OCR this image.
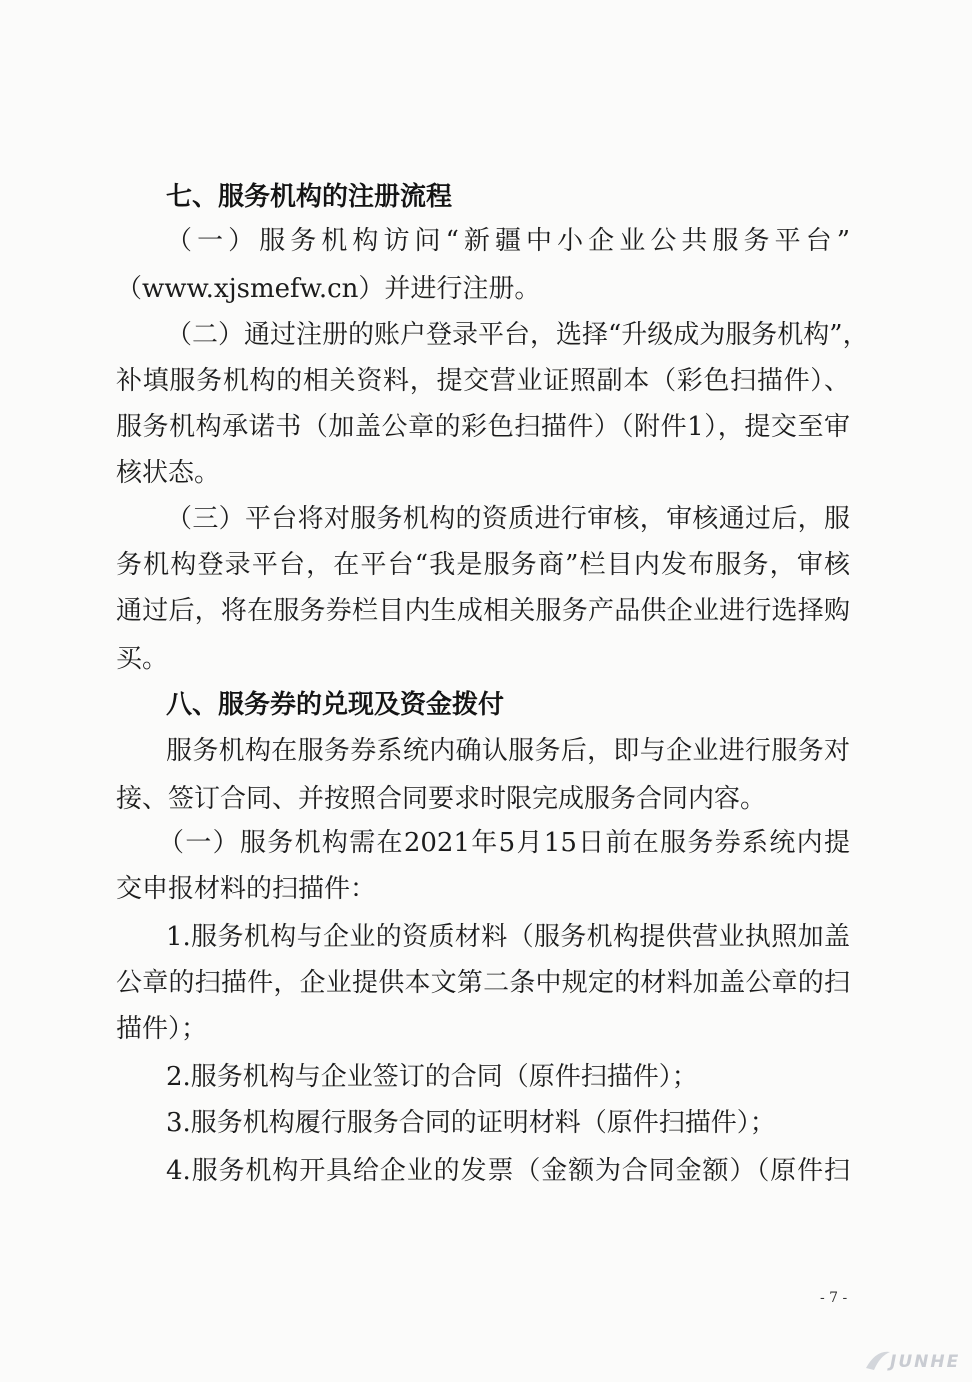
七、服务机构的注册流程
（一）服务机构访问“新疆中小企业公共服务平台”
（www.xjsmefw.cn）并进行注册。
（二）通过注册的账户登录平台，选择“升级成为服务机构”，
补填服务机构的相关资料，提交营业证照副本（彩色扫描件）、
服务机构承诺书（加盖公章的彩色扫描件）（附件1），提交至审
核状态。
（三）平台将对服务机构的资质进行审核，审核通过后，服
务机构登录平台，在平台“我是服务商”栏目内发布服务，审核
通过后，将在服务券栏目内生成相关服务产品供企业进行选择购
买。
八、服务券的兑现及资金拨付
服务机构在服务券系统内确认服务后，即与企业进行服务对
接、签订合同、并按照合同要求时限完成服务合同内容。
（一）服务机构需在2021年5月15日前在服务券系统内提
交申报材料的扫描件：
1.服务机构与企业的资质材料（服务机构提供营业执照加盖
公章的扫描件，企业提供本文第二条中规定的材料加盖公章的扫
描件）；
2.服务机构与企业签订的合同（原件扫描件）；
3.服务机构履行服务合同的证明材料（原件扫描件）；
4.服务机构开具给企业的发票（金额为合同金额）（原件扫
- 7 -
JUNHE
